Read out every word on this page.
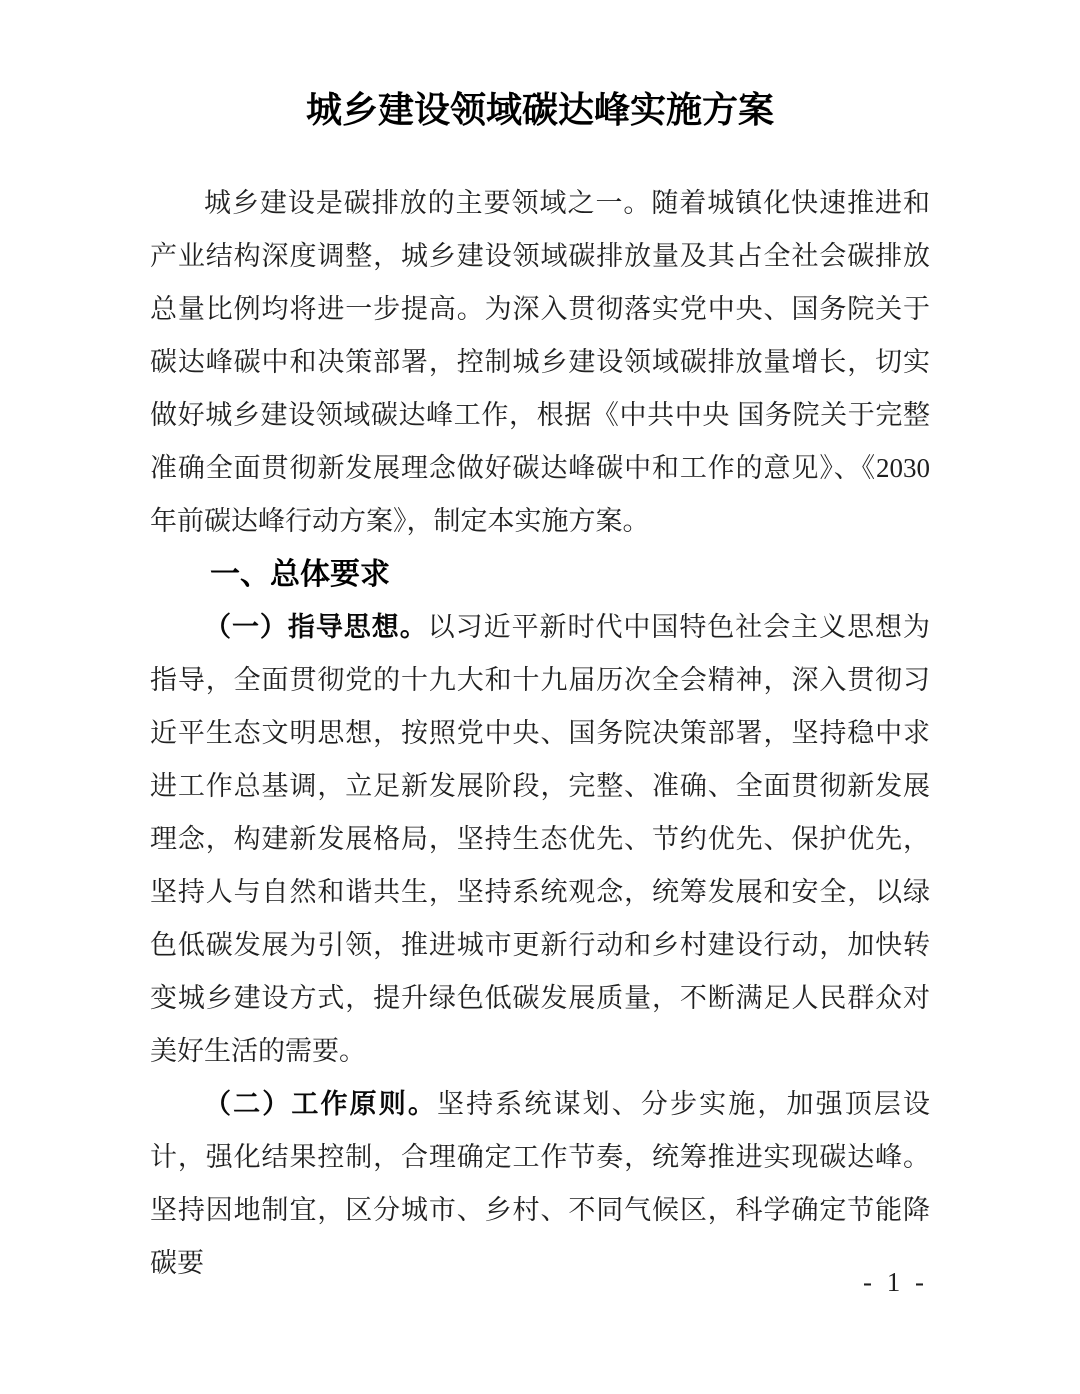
城乡建设领域碳达峰实施方案

城乡建设是碳排放的主要领域之一。随着城镇化快速推进和产业结构深度调整，城乡建设领域碳排放量及其占全社会碳排放总量比例均将进一步提高。为深入贯彻落实党中央、国务院关于碳达峰碳中和决策部署，控制城乡建设领域碳排放量增长，切实做好城乡建设领域碳达峰工作，根据《中共中央 国务院关于完整准确全面贯彻新发展理念做好碳达峰碳中和工作的意见》、《2030年前碳达峰行动方案》，制定本实施方案。

一、总体要求

（一）指导思想。以习近平新时代中国特色社会主义思想为指导，全面贯彻党的十九大和十九届历次全会精神，深入贯彻习近平生态文明思想，按照党中央、国务院决策部署，坚持稳中求进工作总基调，立足新发展阶段，完整、准确、全面贯彻新发展理念，构建新发展格局，坚持生态优先、节约优先、保护优先，坚持人与自然和谐共生，坚持系统观念，统筹发展和安全，以绿色低碳发展为引领，推进城市更新行动和乡村建设行动，加快转变城乡建设方式，提升绿色低碳发展质量，不断满足人民群众对美好生活的需要。

（二）工作原则。坚持系统谋划、分步实施，加强顶层设计，强化结果控制，合理确定工作节奏，统筹推进实现碳达峰。坚持因地制宜，区分城市、乡村、不同气候区，科学确定节能降碳要

- 1 -
